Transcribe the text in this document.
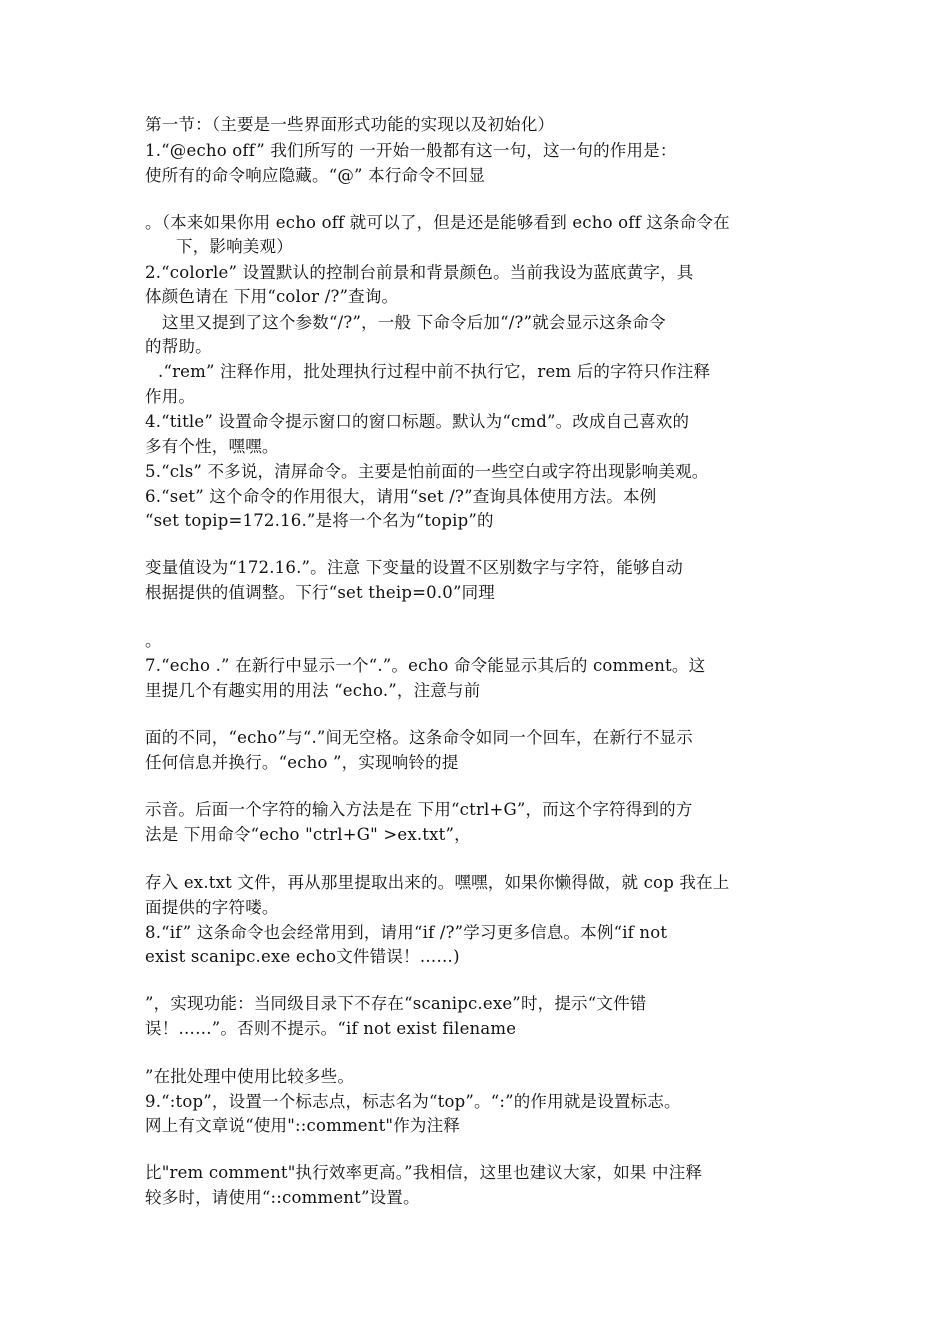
第一节：（主要是一些界面形式功能的实现以及初始化）
1.“@echo off” 我们所写的 一开始一般都有这一句，这一句的作用是：
使所有的命令响应隐藏。“@” 本行命令不回显
。（本来如果你用 echo off 就可以了，但是还是能够看到 echo off 这条命令在
下，影响美观）
2.“colorle” 设置默认的控制台前景和背景颜色。当前我设为蓝底黄字，具
体颜色请在 下用“color /?”查询。
这里又提到了这个参数“/?”，一般 下命令后加“/?”就会显示这条命令
的帮助。
.“rem” 注释作用，批处理执行过程中前不执行它，rem 后的字符只作注释
作用。
4.“title” 设置命令提示窗口的窗口标题。默认为“cmd”。改成自己喜欢的
多有个性，嘿嘿。
5.“cls” 不多说，清屏命令。主要是怕前面的一些空白或字符出现影响美观。
6.“set” 这个命令的作用很大，请用“set /?”查询具体使用方法。本例
“set topip=172.16.”是将一个名为“topip”的
变量值设为“172.16.”。注意 下变量的设置不区别数字与字符，能够自动
根据提供的值调整。下行“set theip=0.0”同理
。
7.“echo .” 在新行中显示一个“.”。echo 命令能显示其后的 comment。这
里提几个有趣实用的用法 “echo.”，注意与前
面的不同，“echo”与“.”间无空格。这条命令如同一个回车，在新行不显示
任何信息并换行。“echo ”，实现响铃的提
示音。后面一个字符的输入方法是在 下用“ctrl+G”，而这个字符得到的方
法是 下用命令“echo "ctrl+G" >ex.txt”，
存入 ex.txt 文件，再从那里提取出来的。嘿嘿，如果你懒得做，就 cop 我在上
面提供的字符喽。
8.“if” 这条命令也会经常用到，请用“if /?”学习更多信息。本例“if not
exist scanipc.exe echo文件错误！……)
”，实现功能：当同级目录下不存在“scanipc.exe”时，提示“文件错
误！……”。否则不提示。“if not exist filename
”在批处理中使用比较多些。
9.“:top”，设置一个标志点，标志名为“top”。“:”的作用就是设置标志。
网上有文章说“使用"::comment"作为注释
比"rem comment"执行效率更高。”我相信，这里也建议大家，如果 中注释
较多时，请使用“::comment”设置。
